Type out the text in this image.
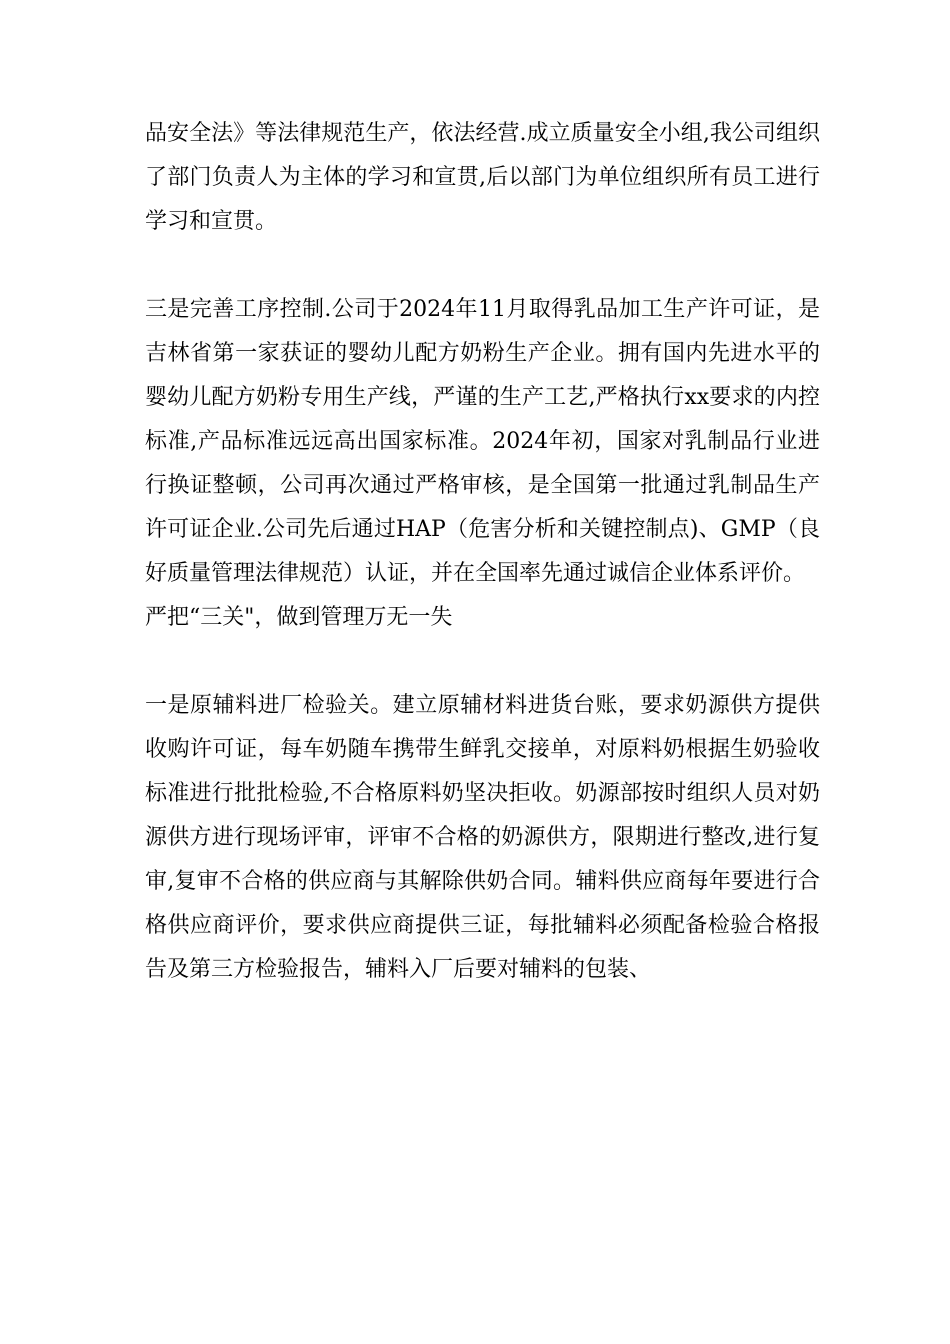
品安全法》等法律规范生产，依法经营.成立质量安全小组,我公司组织了部门负责人为主体的学习和宣贯,后以部门为单位组织所有员工进行学习和宣贯。

三是完善工序控制.公司于2024年11月取得乳品加工生产许可证，是吉林省第一家获证的婴幼儿配方奶粉生产企业。拥有国内先进水平的婴幼儿配方奶粉专用生产线，严谨的生产工艺,严格执行xx要求的内控标准,产品标准远远高出国家标准。2024年初，国家对乳制品行业进行换证整顿，公司再次通过严格审核，是全国第一批通过乳制品生产许可证企业.公司先后通过HAP（危害分析和关键控制点)、GMP（良好质量管理法律规范）认证，并在全国率先通过诚信企业体系评价。

严把“三关"，做到管理万无一失

一是原辅料进厂检验关。建立原辅材料进货台账，要求奶源供方提供收购许可证，每车奶随车携带生鲜乳交接单，对原料奶根据生奶验收标准进行批批检验,不合格原料奶坚决拒收。奶源部按时组织人员对奶源供方进行现场评审，评审不合格的奶源供方，限期进行整改,进行复审,复审不合格的供应商与其解除供奶合同。辅料供应商每年要进行合格供应商评价，要求供应商提供三证，每批辅料必须配备检验合格报告及第三方检验报告，辅料入厂后要对辅料的包装、
